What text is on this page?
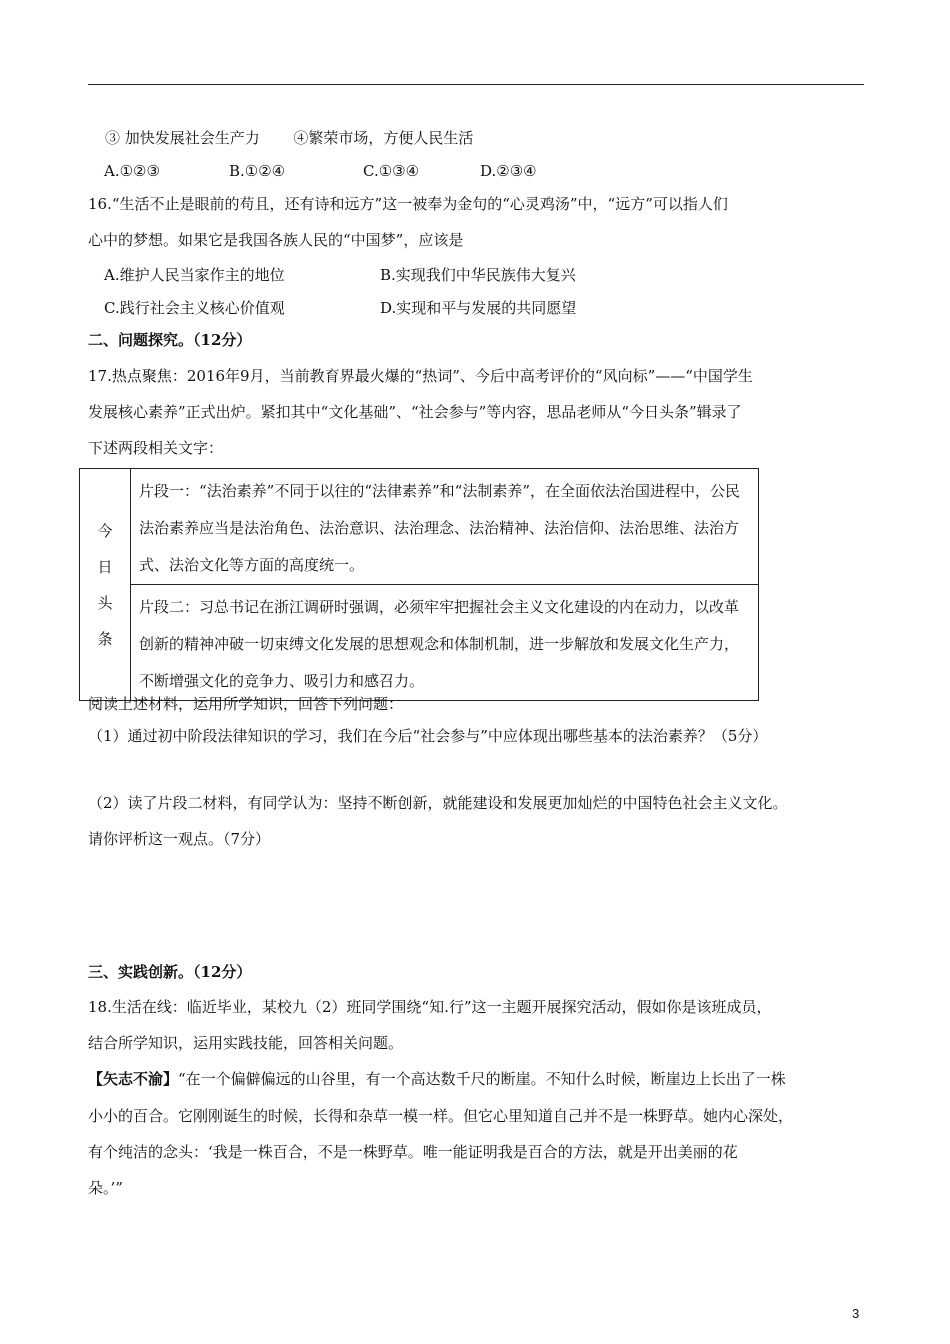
③ 加快发展社会生产力 ④繁荣市场，方便人民生活
A.①②③	B.①②④	C.①③④	D.②③④
16.“生活不止是眼前的苟且，还有诗和远方”这一被奉为金句的“心灵鸡汤”中，“远方”可以指人们
心中的梦想。如果它是我国各族人民的“中国梦”，应该是
A.维护人民当家作主的地位	B.实现我们中华民族伟大复兴
C.践行社会主义核心价值观	D.实现和平与发展的共同愿望
二、问题探究。（12分）
17.热点聚焦：2016年9月，当前教育界最火爆的“热词”、今后中高考评价的“风向标”——“中国学生
发展核心素养”正式出炉。紧扣其中“文化基础”、“社会参与”等内容，思品老师从“今日头条”辑录了
下述两段相关文字：
今
日
头
条

片段一：“法治素养”不同于以往的“法律素养”和“法制素养”，在全面依法治国进程中，公民法治素养应当是法治角色、法治意识、法治理念、法治精神、法治信仰、法治思维、法治方式、法治文化等方面的高度统一。

片段二：习总书记在浙江调研时强调，必须牢牢把握社会主义文化建设的内在动力，以改革创新的精神冲破一切束缚文化发展的思想观念和体制机制，进一步解放和发展文化生产力，不断增强文化的竞争力、吸引力和感召力。
阅读上述材料，运用所学知识，回答下列问题：
（1）通过初中阶段法律知识的学习，我们在今后“社会参与”中应体现出哪些基本的法治素养？（5分）
（2）读了片段二材料，有同学认为：坚持不断创新，就能建设和发展更加灿烂的中国特色社会主义文化。
请你评析这一观点。（7分）
三、实践创新。（12分）
18.生活在线：临近毕业，某校九（2）班同学围绕“知.行”这一主题开展探究活动，假如你是该班成员，
结合所学知识，运用实践技能，回答相关问题。
【矢志不渝】“在一个偏僻偏远的山谷里，有一个高达数千尺的断崖。不知什么时候，断崖边上长出了一株
小小的百合。它刚刚诞生的时候，长得和杂草一模一样。但它心里知道自己并不是一株野草。她内心深处，
有个纯洁的念头：‘我是一株百合，不是一株野草。唯一能证明我是百合的方法，就是开出美丽的花
朵。’”
3
